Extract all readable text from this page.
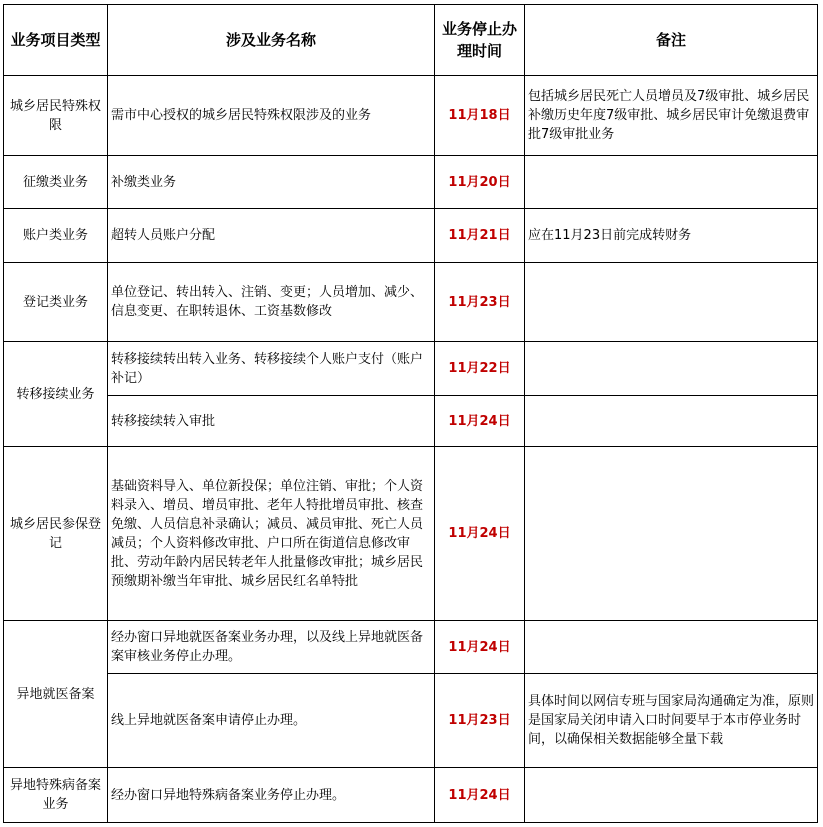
业务项目类型	涉及业务名称	业务停止办理时间	备注
城乡居民特殊权限	需市中心授权的城乡居民特殊权限涉及的业务	11月18日	包括城乡居民死亡人员增员及7级审批、城乡居民补缴历史年度7级审批、城乡居民审计免缴退费审批7级审批业务
征缴类业务	补缴类业务	11月20日	
账户类业务	超转人员账户分配	11月21日	应在11月23日前完成转财务
登记类业务	单位登记、转出转入、注销、变更；人员增加、减少、信息变更、在职转退休、工资基数修改	11月23日	
转移接续业务	转移接续转出转入业务、转移接续个人账户支付（账户补记）	11月22日	
	转移接续转入审批	11月24日	
城乡居民参保登记	基础资料导入、单位新投保；单位注销、审批；个人资料录入、增员、增员审批、老年人特批增员审批、核查免缴、人员信息补录确认；减员、减员审批、死亡人员减员；个人资料修改审批、户口所在街道信息修改审批、劳动年龄内居民转老年人批量修改审批；城乡居民预缴期补缴当年审批、城乡居民红名单特批	11月24日	
异地就医备案	经办窗口异地就医备案业务办理，以及线上异地就医备案审核业务停止办理。	11月24日	
	线上异地就医备案申请停止办理。	11月23日	具体时间以网信专班与国家局沟通确定为准，原则是国家局关闭申请入口时间要早于本市停业务时间，以确保相关数据能够全量下载
异地特殊病备案业务	经办窗口异地特殊病备案业务停止办理。	11月24日	
